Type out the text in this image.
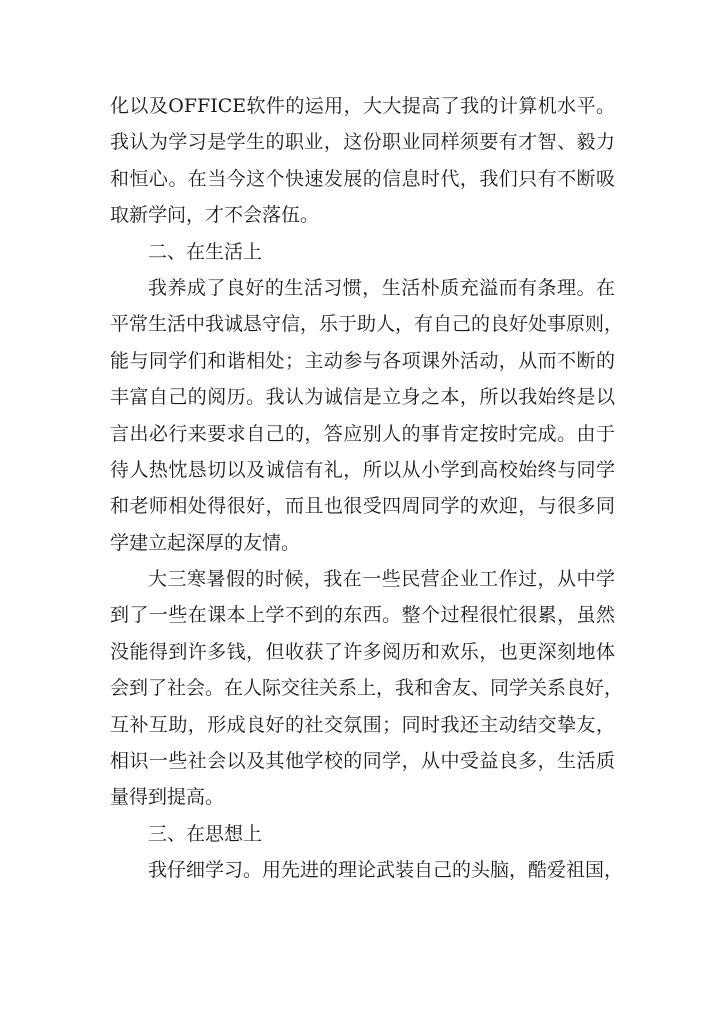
化以及OFFICE软件的运用，大大提高了我的计算机水平。
我认为学习是学生的职业，这份职业同样须要有才智、毅力
和恒心。在当今这个快速发展的信息时代，我们只有不断吸
取新学问，才不会落伍。
二、在生活上
我养成了良好的生活习惯，生活朴质充溢而有条理。在
平常生活中我诚恳守信，乐于助人，有自己的良好处事原则，
能与同学们和谐相处；主动参与各项课外活动，从而不断的
丰富自己的阅历。我认为诚信是立身之本，所以我始终是以
言出必行来要求自己的，答应别人的事肯定按时完成。由于
待人热忱恳切以及诚信有礼，所以从小学到高校始终与同学
和老师相处得很好，而且也很受四周同学的欢迎，与很多同
学建立起深厚的友情。
大三寒暑假的时候，我在一些民营企业工作过，从中学
到了一些在课本上学不到的东西。整个过程很忙很累，虽然
没能得到许多钱，但收获了许多阅历和欢乐，也更深刻地体
会到了社会。在人际交往关系上，我和舍友、同学关系良好，
互补互助，形成良好的社交氛围；同时我还主动结交挚友，
相识一些社会以及其他学校的同学，从中受益良多，生活质
量得到提高。
三、在思想上
我仔细学习。用先进的理论武装自己的头脑，酷爱祖国，
